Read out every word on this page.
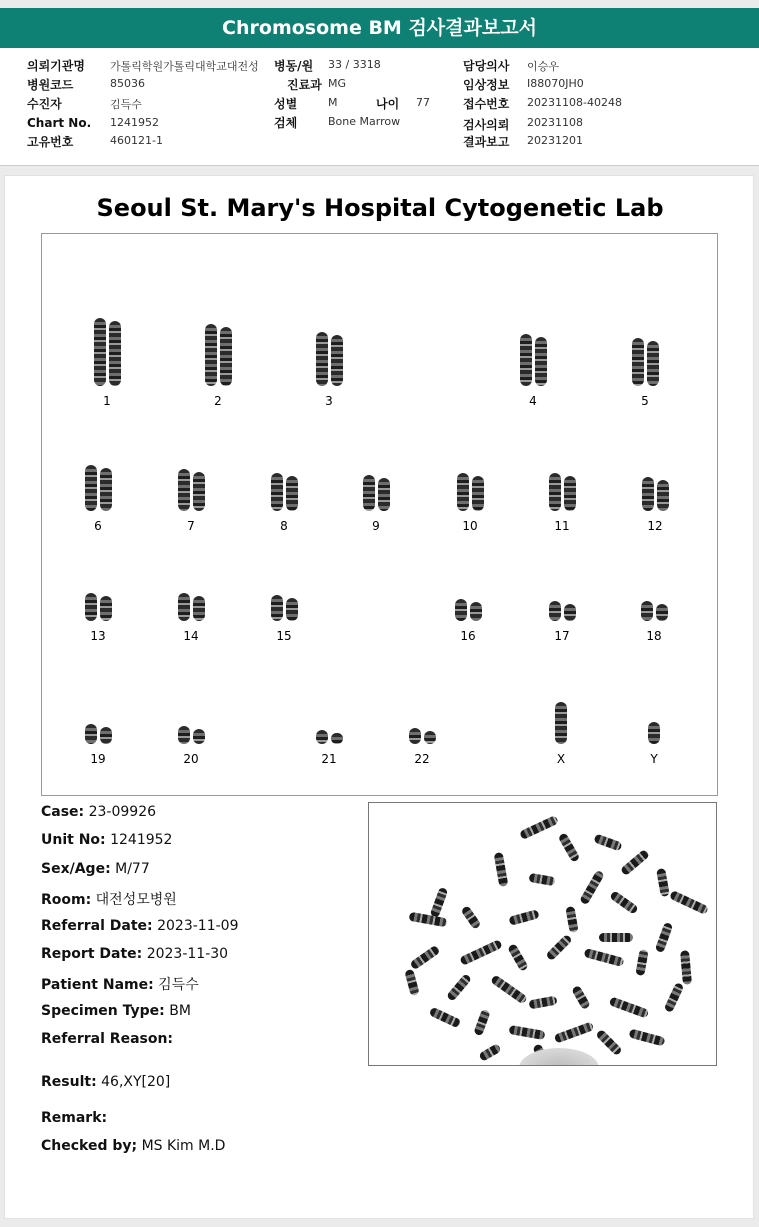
Chromosome BM 검사결과보고서
의뢰기관명 가톨릭학원가톨릭대학교대전성 병동/원 33 / 3318	담당의사 이승우
병원코드	85036	진료과 MG	임상정보 I88070JH0
수진자	김득수	성별	M	나이 77	접수번호 20231108-40248
Chart No. 1241952	검체	Bone Marrow	검사의뢰 20231108
고유번호	460121-1	결과보고 20231201
Seoul St. Mary's Hospital Cytogenetic Lab
1	2	3	4	5
6	7	8	9	10	11	12
13	14	15	16	17	18
19	20	21	22	X	Y
Case: 23-09926
Unit No: 1241952
Sex/Age: M/77
Room: 대전성모병원
Referral Date: 2023-11-09
Report Date: 2023-11-30
Patient Name: 김득수
Specimen Type: BM
Referral Reason:
Result: 46,XY[20]
Remark:
Checked by; MS Kim M.D
